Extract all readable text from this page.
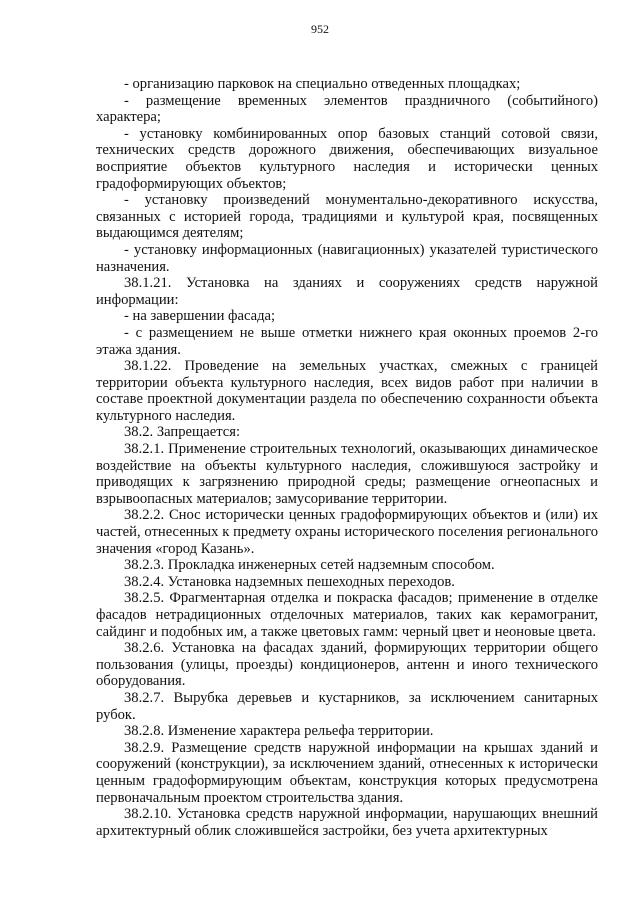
952

- организацию парковок на специально отведенных площадках;

- размещение временных элементов праздничного (событийного) характера;

- установку комбинированных опор базовых станций сотовой связи, технических средств дорожного движения, обеспечивающих визуальное восприятие объектов культурного наследия и исторически ценных градоформирующих объектов;

- установку произведений монументально-декоративного искусства, связанных с историей города, традициями и культурой края, посвященных выдающимся деятелям;

- установку информационных (навигационных) указателей туристического назначения.

38.1.21. Установка на зданиях и сооружениях средств наружной информации:

- на завершении фасада;

- с размещением не выше отметки нижнего края оконных проемов 2-го этажа здания.

38.1.22. Проведение на земельных участках, смежных с границей территории объекта культурного наследия, всех видов работ при наличии в составе проектной документации раздела по обеспечению сохранности объекта культурного наследия.

38.2. Запрещается:

38.2.1. Применение строительных технологий, оказывающих динамическое воздействие на объекты культурного наследия, сложившуюся застройку и приводящих к загрязнению природной среды; размещение огнеопасных и взрывоопасных материалов; замусоривание территории.

38.2.2. Снос исторически ценных градоформирующих объектов и (или) их частей, отнесенных к предмету охраны исторического поселения регионального значения «город Казань».

38.2.3. Прокладка инженерных сетей надземным способом.

38.2.4. Установка надземных пешеходных переходов.

38.2.5. Фрагментарная отделка и покраска фасадов; применение в отделке фасадов нетрадиционных отделочных материалов, таких как керамогранит, сайдинг и подобных им, а также цветовых гамм: черный цвет и неоновые цвета.

38.2.6. Установка на фасадах зданий, формирующих территории общего пользования (улицы, проезды) кондиционеров, антенн и иного технического оборудования.

38.2.7. Вырубка деревьев и кустарников, за исключением санитарных рубок.

38.2.8. Изменение характера рельефа территории.

38.2.9. Размещение средств наружной информации на крышах зданий и сооружений (конструкции), за исключением зданий, отнесенных к исторически ценным градоформирующим объектам, конструкция которых предусмотрена первоначальным проектом строительства здания.

38.2.10. Установка средств наружной информации, нарушающих внешний архитектурный облик сложившейся застройки, без учета архитектурных
